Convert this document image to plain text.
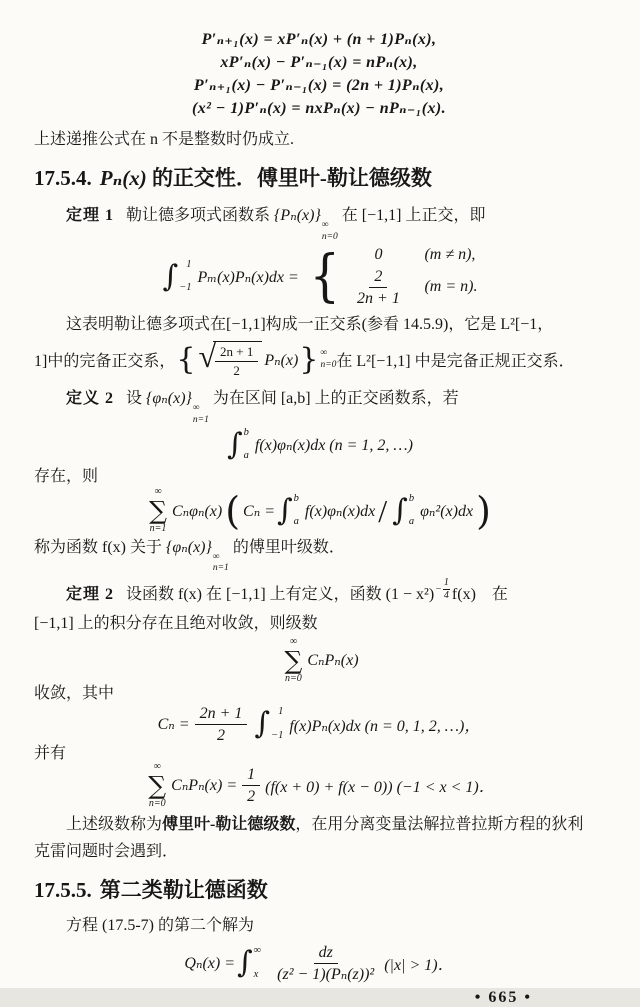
P′ₙ₊₁(x) = xP′ₙ(x) + (n + 1)Pₙ(x),
xP′ₙ(x) − P′ₙ₋₁(x) = nPₙ(x),
P′ₙ₊₁(x) − P′ₙ₋₁(x) = (2n + 1)Pₙ(x),
(x² − 1)P′ₙ(x) = nxPₙ(x) − nPₙ₋₁(x).
上述递推公式在 n 不是整数时仍成立.
17.5.4. Pₙ(x) 的正交性．傅里叶-勒让德级数
定理 1 勒让德多项式函数系 {Pₙ(x)}
∞
n=0
在 [−1,1] 上正交，即
∫ 1
−1
Pₘ(x)Pₙ(x)dx = {	0	(m ≠ n),
$\frac{2}{2n + 1} (m = n)$.
这表明勒让德多项式在[−1,1]构成一正交系(参看 14.5.9)，它是 L²[−1，
1]中的完备正交系， { √ $\frac{2n + 1}{2} P_n(x)$ } ∞
n=0 在 L²[−1,1] 中是完备正规正交系．
定义 2 设 {φₙ(x)}
∞
n=1
为在区间 [a,b] 上的正交函数系，若
∫ b
a
f(x)φₙ(x)dx (n = 1, 2, …)
存在，则
∞
∑
n=1
Cₙφₙ(x) ( Cₙ = ∫ b
a
f(x)φₙ(x)dx / ∫ b
a
φₙ²(x)dx )
称为函数 f(x) 关于 {φₙ(x)}
∞
n=1
的傅里叶级数．
定理 2 设函数 f(x) 在 [−1,1] 上有定义，函数 $(1 - x^2) - \frac{1}{4} f(x)$　在
[−1,1] 上的积分存在且绝对收敛，则级数
∞
∑
n=0
CₙPₙ(x)
收敛，其中
$C_n = \frac{2n + 1}{2}$ ∫ 1
−1
f(x)Pₙ(x)dx (n = 0, 1, 2, …)，
并有
∞
∑
n=0
$C_nP_n(x) = \frac{1}{2} (f(x + 0) + f(x - 0)) (-1 < x < 1)$．
上述级数称为傅里叶-勒让德级数，在用分离变量法解拉普拉斯方程的狄利
克雷问题时会遇到．
17.5.5. 第二类勒让德函数
方程 (17.5-7) 的第二个解为
Qₙ(x) = ∫ ∞
x $\frac{dz}{\text{(z² − 1)(Pₙ(z))²}} (|x| > 1)$．
• 665 •
